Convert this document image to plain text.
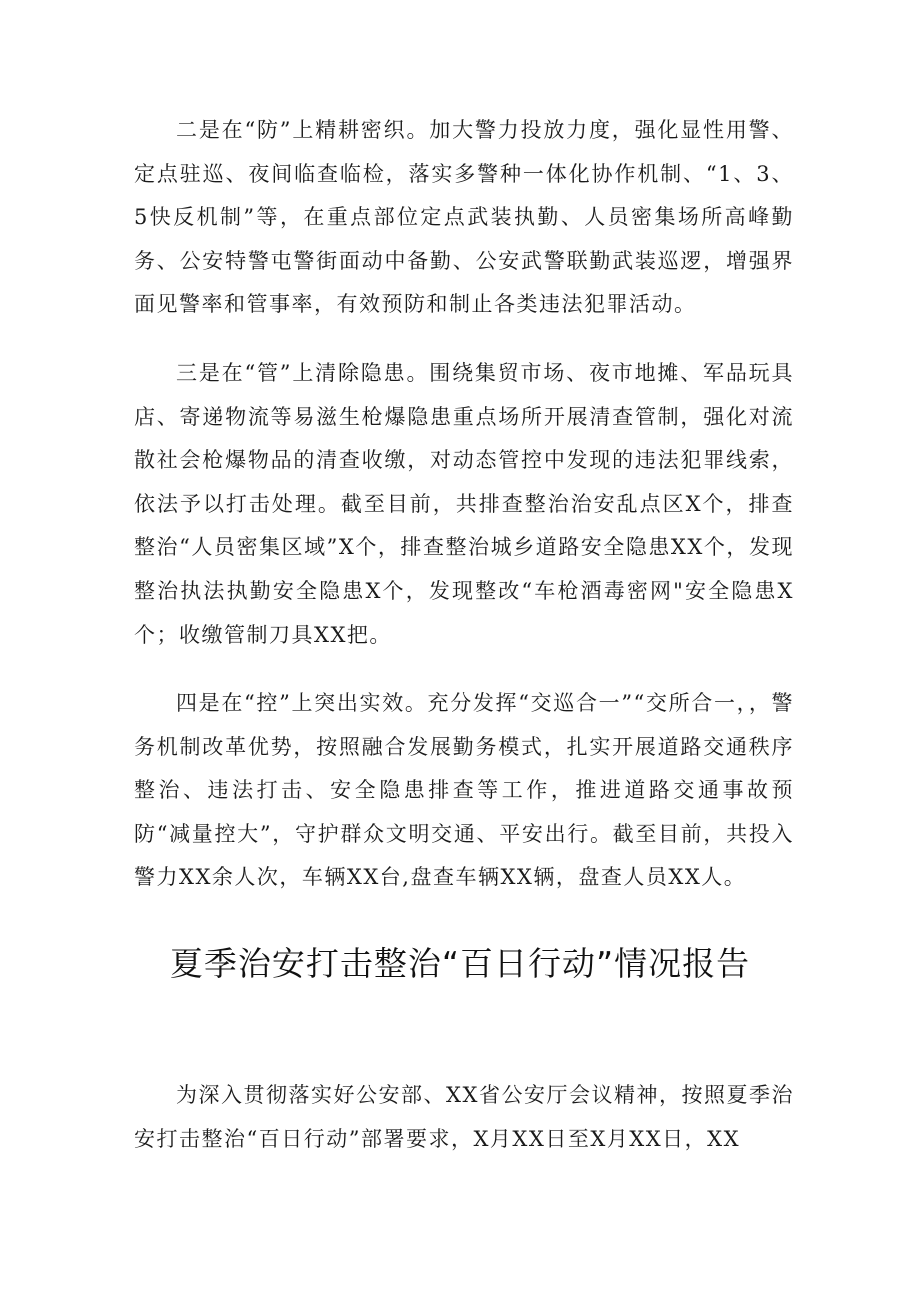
二是在“防”上精耕密织。加大警力投放力度，强化显性用警、定点驻巡、夜间临查临检，落实多警种一体化协作机制、“1、3、5快反机制”等，在重点部位定点武装执勤、人员密集场所高峰勤务、公安特警屯警街面动中备勤、公安武警联勤武装巡逻，增强界面见警率和管事率，有效预防和制止各类违法犯罪活动。

三是在“管”上清除隐患。围绕集贸市场、夜市地摊、军品玩具店、寄递物流等易滋生枪爆隐患重点场所开展清查管制，强化对流散社会枪爆物品的清查收缴，对动态管控中发现的违法犯罪线索，依法予以打击处理。截至目前，共排查整治治安乱点区X个，排查整治“人员密集区域”X个，排查整治城乡道路安全隐患XX个，发现整治执法执勤安全隐患X个，发现整改“车枪酒毒密网"安全隐患X个；收缴管制刀具XX把。

四是在“控”上突出实效。充分发挥“交巡合一”“交所合一，，警务机制改革优势，按照融合发展勤务模式，扎实开展道路交通秩序整治、违法打击、安全隐患排查等工作，推进道路交通事故预防“减量控大”，守护群众文明交通、平安出行。截至目前，共投入警力XX余人次，车辆XX台,盘查车辆XX辆，盘查人员XX人。

夏季治安打击整治“百日行动”情况报告

为深入贯彻落实好公安部、XX省公安厅会议精神，按照夏季治安打击整治“百日行动”部署要求，X月XX日至X月XX日，XX
